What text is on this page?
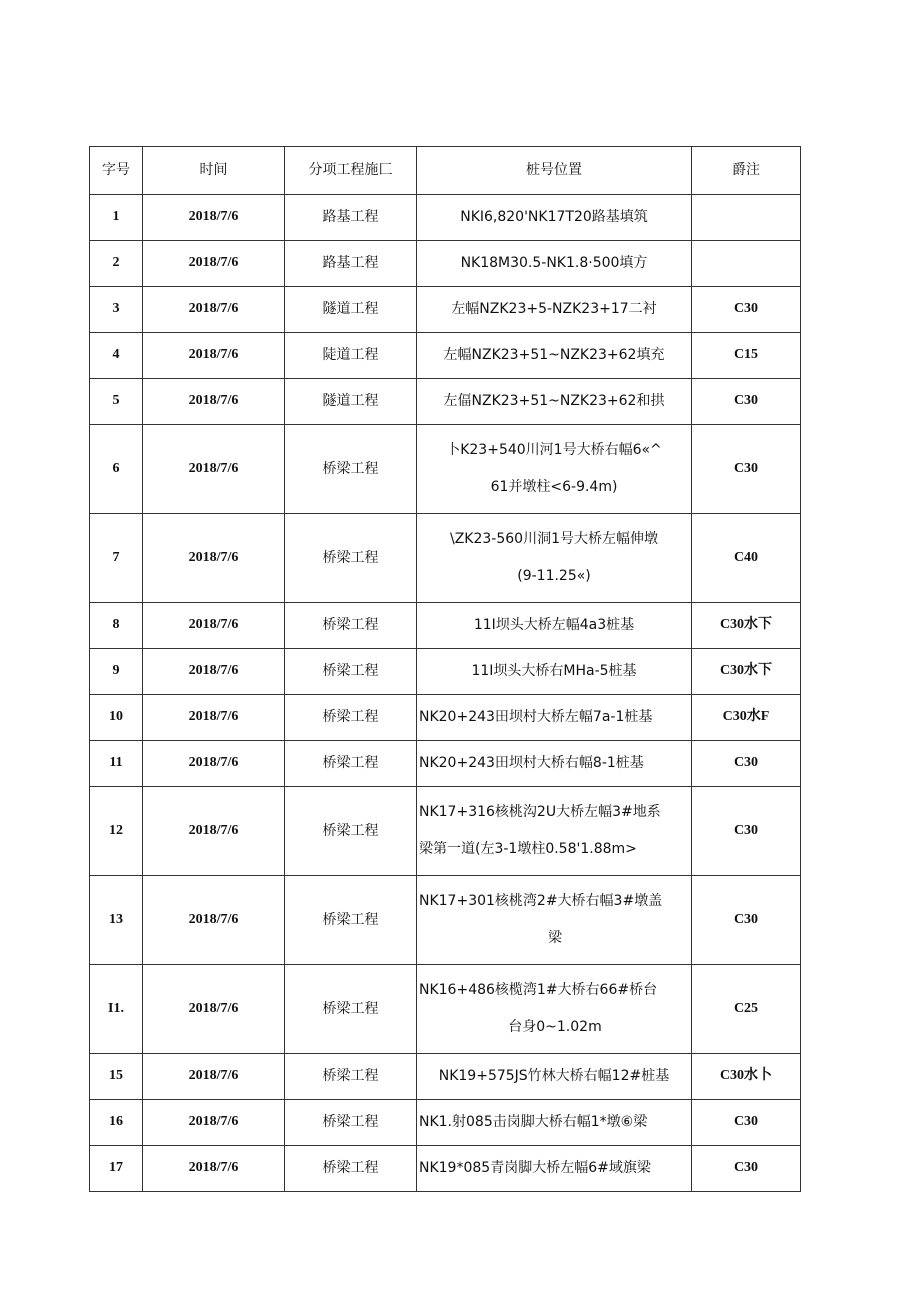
字号	时间	分项工程施匚	桩号位置	爵注
1	2018/7/6	路基工程	NKI6,820'NK17T20路基填筑	

2	2018/7/6	路基工程	NK18M30.5-NK1.8·500填方	

3	2018/7/6	隧道工程	左幅NZK23+5-NZK23+17二衬	C30
4	2018/7/6	陡道工程	左幅NZK23+51~NZK23+62填充	C15
5	2018/7/6	隧道工程	左偪NZK23+51~NZK23+62和拱	C30
6	2018/7/6	桥梁工程	卜K23+540川河1号大桥右幅6«^
61并墩柱<6-9.4m)	C30
7	2018/7/6	桥梁工程	\ZK23-560川洞1号大桥左幅伸墩
(9-11.25«)	C40
8	2018/7/6	桥梁工程	11I坝头大桥左幅4a3桩基	C30水下
9	2018/7/6	桥梁工程	11I坝头大桥右MHa-5桩基	C30水下
10	2018/7/6	桥梁工程	NK20+243田坝村大桥左幅7a-1桩基	C30水F
11	2018/7/6	桥梁工程	NK20+243田坝村大桥右幅8-1桩基	C30
12	2018/7/6	桥梁工程	NK17+316核桃沟2U大桥左幅3#地系
梁第一道(左3-1墩柱0.58'1.88m>	C30
13	2018/7/6	桥梁工程	NK17+301核桃湾2#大桥右幅3#墩盖
梁	C30
I1.	2018/7/6	桥梁工程	NK16+486核榄湾1#大桥右66#桥台
台身0~1.02m	C25
15	2018/7/6	桥梁工程	NK19+575JS竹林大桥右幅12#桩基	C30水卜
16	2018/7/6	桥梁工程	NK1.射085击岗脚大桥右幅1*墩⑥梁	C30
17	2018/7/6	桥梁工程	NK19*085青岗脚大桥左幅6#域旗梁	C30
